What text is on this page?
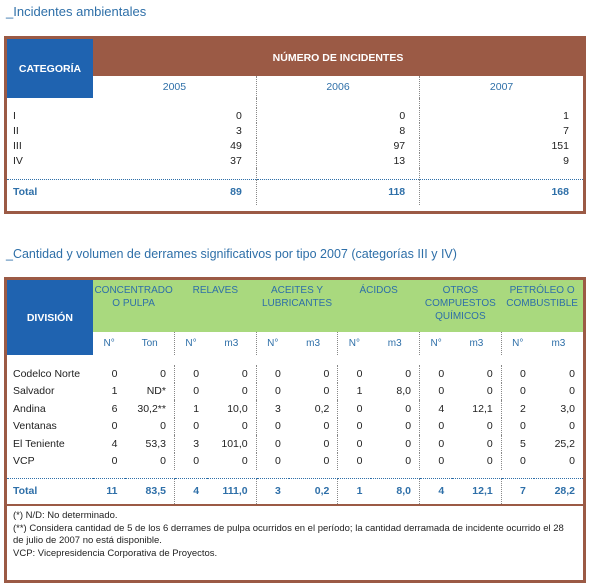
_Incidentes ambientales
CATEGORÍA	NÚMERO DE INCIDENTES		
	2005	2006	2007

I	0	0	1
II	3	8	7
III	49	97	151
IV	37	13	9

Total	89	118	168
_Cantidad y volumen de derrames significativos por tipo 2007 (categorías III y IV)
DIVISIÓN	CONCENTRADO O PULPA		RELAVES		ACEITES Y LUBRICANTES		ÁCIDOS		OTROS COMPUESTOS QUÍMICOS		PETRÓLEO O COMBUSTIBLE	
	N°	Ton	N°	m3	N°	m3	N°	m3	N°	m3	N°	m3

Codelco Norte	0	0	0	0	0	0	0	0	0	0	0	0
Salvador	1	ND*	0	0	0	0	1	8,0	0	0	0	0
Andina	6	30,2**	1	10,0	3	0,2	0	0	4	12,1	2	3,0
Ventanas	0	0	0	0	0	0	0	0	0	0	0	0
El Teniente	4	53,3	3	101,0	0	0	0	0	0	0	5	25,2
VCP	0	0	0	0	0	0	0	0	0	0	0	0

Total	11	83,5	4	111,0	3	0,2	1	8,0	4	12,1	7	28,2
(*) N/D: No determinado.
(**) Considera cantidad de 5 de los 6 derrames de pulpa ocurridos en el período; la cantidad derramada de incidente ocurrido el 28 de julio de 2007 no está disponible.
VCP: Vicepresidencia Corporativa de Proyectos.
